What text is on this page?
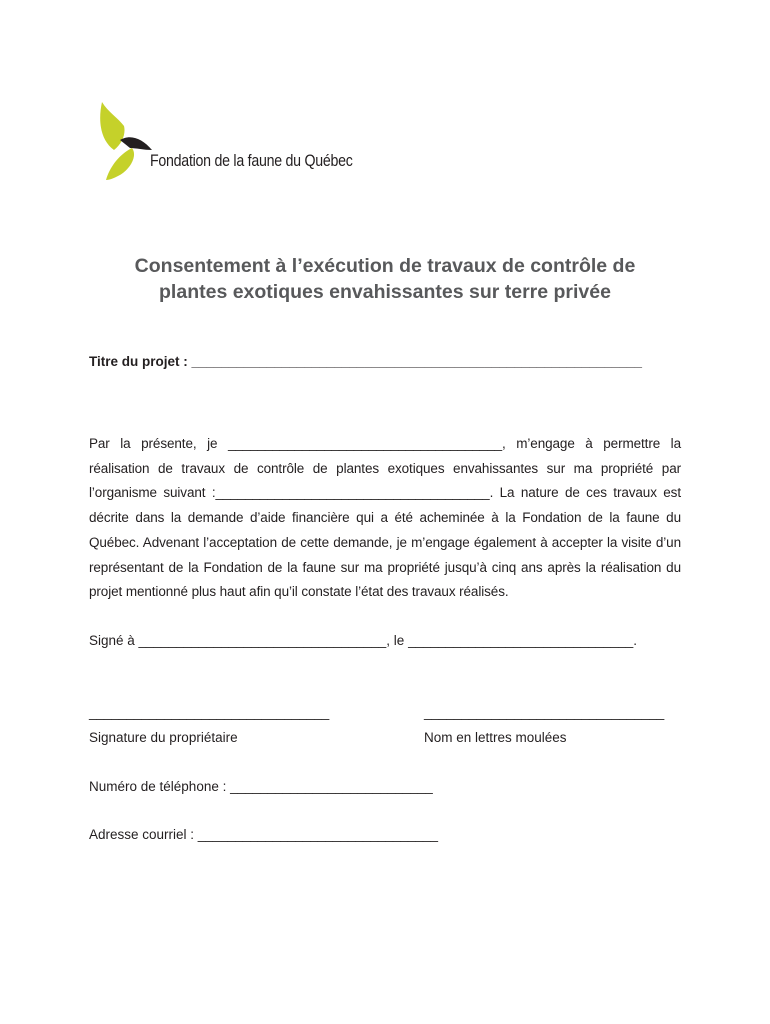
Fondation de la faune du Québec
Consentement à l’exécution de travaux de contrôle de
plantes exotiques envahissantes sur terre privée
Titre du projet : ____________________________________________________________
Par la présente, je _____________________________________, m’engage à permettre la réalisation de travaux de contrôle de plantes exotiques envahissantes sur ma propriété par l’organisme suivant :_____________________________________. La nature de ces travaux est décrite dans la demande d’aide financière qui a été acheminée à la Fondation de la faune du Québec. Advenant l’acceptation de cette demande, je m’engage également à accepter la visite d’un représentant de la Fondation de la faune sur ma propriété jusqu’à cinq ans après la réalisation du projet mentionné plus haut afin qu’il constate l’état des travaux réalisés.
Signé à _________________________________, le ______________________________.
________________________________	________________________________
Signature du propriétaire	Nom en lettres moulées
Numéro de téléphone : ___________________________
Adresse courriel : ________________________________
